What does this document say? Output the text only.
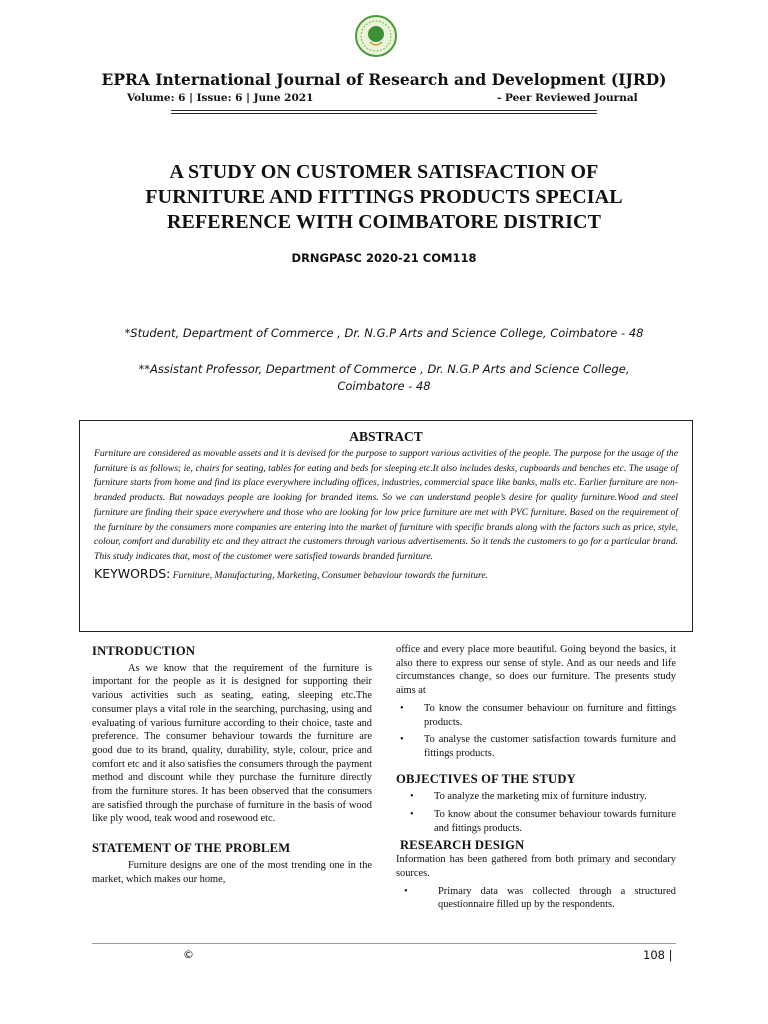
EPRA International Journal of Research and Development (IJRD)
Volume: 6 | Issue: 6 | June 2021	- Peer Reviewed Journal
A STUDY ON CUSTOMER SATISFACTION OF
FURNITURE AND FITTINGS PRODUCTS SPECIAL
REFERENCE WITH COIMBATORE DISTRICT
DRNGPASC 2020-21 COM118
*Student, Department of Commerce , Dr. N.G.P Arts and Science College, Coimbatore - 48
**Assistant Professor, Department of Commerce , Dr. N.G.P Arts and Science College, Coimbatore - 48
ABSTRACT
Furniture are considered as movable assets and it is devised for the purpose to support various activities of the people. The purpose for the usage of the furniture is as follows; ie, chairs for seating, tables for eating and beds for sleeping etc.It also includes desks, cupboards and benches etc. The usage of furniture starts from home and find its place everywhere including offices, industries, commercial space like banks, malls etc. Earlier furniture are non-branded products. But nowadays people are looking for branded items. So we can understand people’s desire for quality furniture.Wood and steel furniture are finding their space everywhere and those who are looking for low price furniture are met with PVC furniture. Based on the requirement of the furniture by the consumers more companies are entering into the market of furniture with specific brands along with the factors such as price, style, colour, comfort and durability etc and they attract the customers through various advertisements. So it tends the customers to go for a particular brand. This study indicates that, most of the customer were satisfied towards branded furniture.
KEYWORDS: Furniture, Manufacturing, Marketing, Consumer behaviour towards the furniture.
INTRODUCTION

As we know that the requirement of the furniture is important for the people as it is designed for supporting their various activities such as seating, eating, sleeping etc.The consumer plays a vital role in the searching, purchasing, using and evaluating of various furniture according to their choice, taste and preference. The consumer behaviour towards the furniture are good due to its brand, quality, durability, style, colour, price and comfort etc and it also satisfies the consumers through the payment method and discount while they purchase the furniture directly from the furniture stores. It has been observed that the consumers are satisfied through the purchase of furniture in the basis of wood like ply wood, teak wood and rosewood etc.

STATEMENT OF THE PROBLEM

Furniture designs are one of the most trending one in the market, which makes our home,

office and every place more beautiful. Going beyond the basics, it also there to express our sense of style. And as our needs and life circumstances change, so does our furniture. The presents study aims at

• To know the consumer behaviour on furniture and fittings products.
• To analyse the customer satisfaction towards furniture and fittings products.
OBJECTIVES OF THE STUDY
• To analyze the marketing mix of furniture industry.
• To know about the consumer behaviour towards furniture and fittings products.
RESEARCH DESIGN

Information has been gathered from both primary and secondary sources.

•	Primary data was collected through a structured questionnaire filled up by the respondents.
©	108 |
